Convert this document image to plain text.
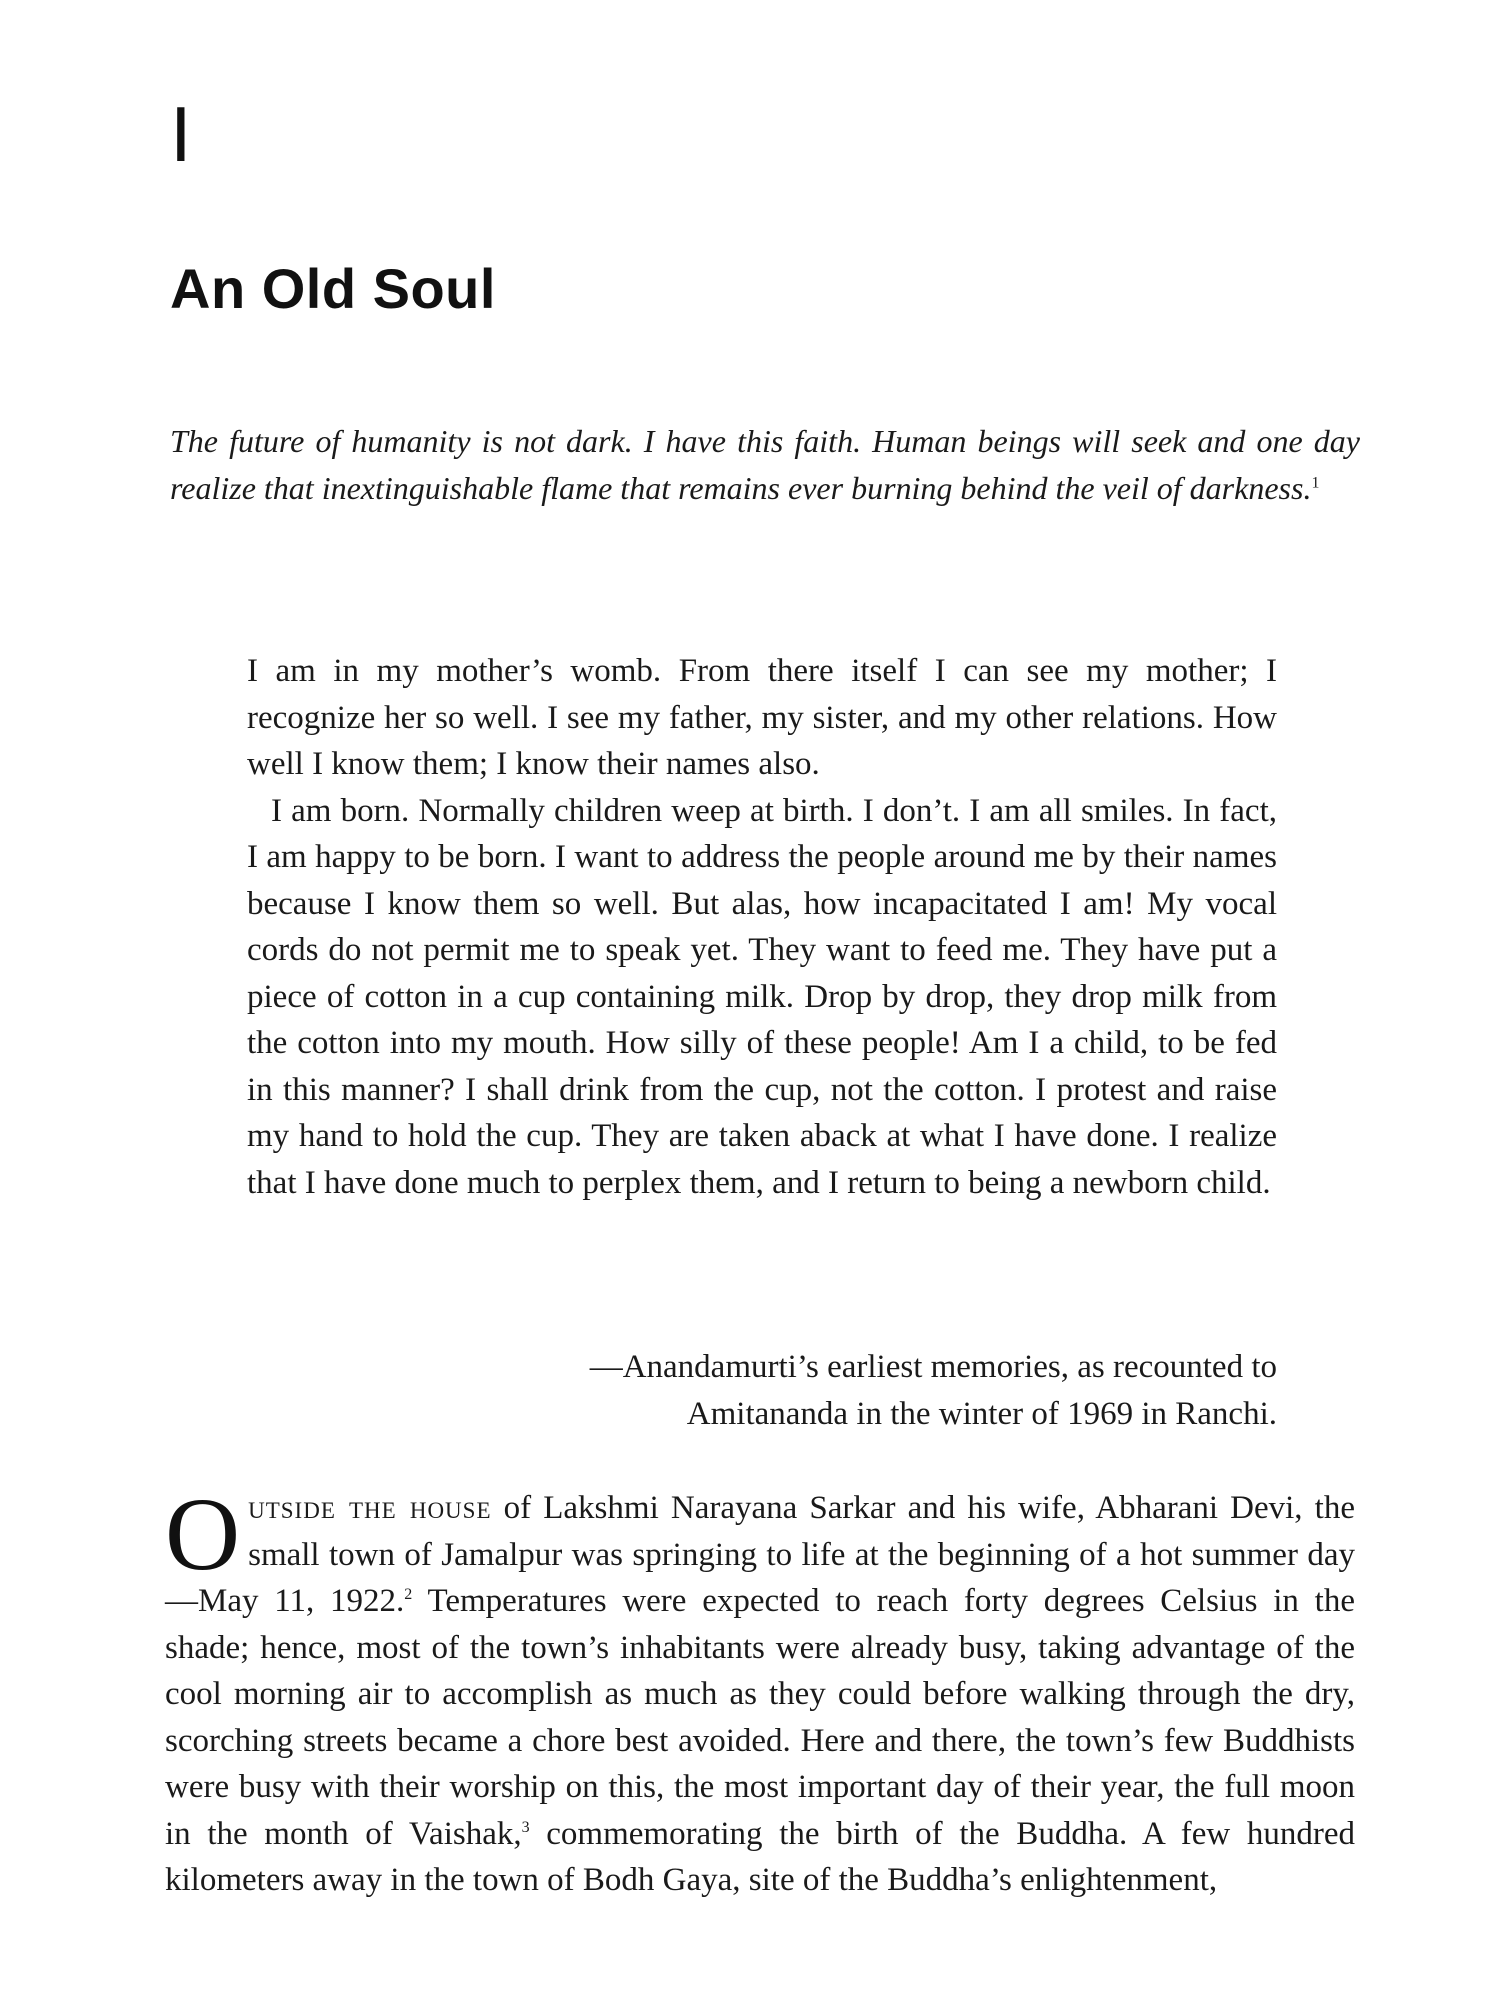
I
An Old Soul

The future of humanity is not dark. I have this faith. Human beings will seek and one day realize that inextinguishable flame that remains ever burning behind the veil of darkness.$^1$

I am in my mother’s womb. From there itself I can see my mother; I recognize her so well. I see my father, my sister, and my other relations. How well I know them; I know their names also.

I am born. Normally children weep at birth. I don’t. I am all smiles. In fact, I am happy to be born. I want to address the people around me by their names because I know them so well. But alas, how incapacitated I am! My vocal cords do not permit me to speak yet. They want to feed me. They have put a piece of cotton in a cup containing milk. Drop by drop, they drop milk from the cotton into my mouth. How silly of these people! Am I a child, to be fed in this manner? I shall drink from the cup, not the cotton. I protest and raise my hand to hold the cup. They are taken aback at what I have done. I realize that I have done much to perplex them, and I return to being a newborn child.

—Anandamurti’s earliest memories, as recounted to
Amitananda in the winter of 1969 in Ranchi.

Outside the house of Lakshmi Narayana Sarkar and his wife, Abharani Devi, the small town of Jamalpur was springing to life at the beginning of a hot summer day—May 11, 1922.$^2$ Temperatures were expected to reach forty degrees Celsius in the shade; hence, most of the town’s inhabitants were already busy, taking advantage of the cool morning air to accomplish as much as they could before walking through the dry, scorching streets became a chore best avoided. Here and there, the town’s few Buddhists were busy with their worship on this, the most important day of their year, the full moon in the month of Vaishak,$^3$ commemorating the birth of the Buddha. A few hundred kilometers away in the town of Bodh Gaya, site of the Buddha’s enlightenment,
